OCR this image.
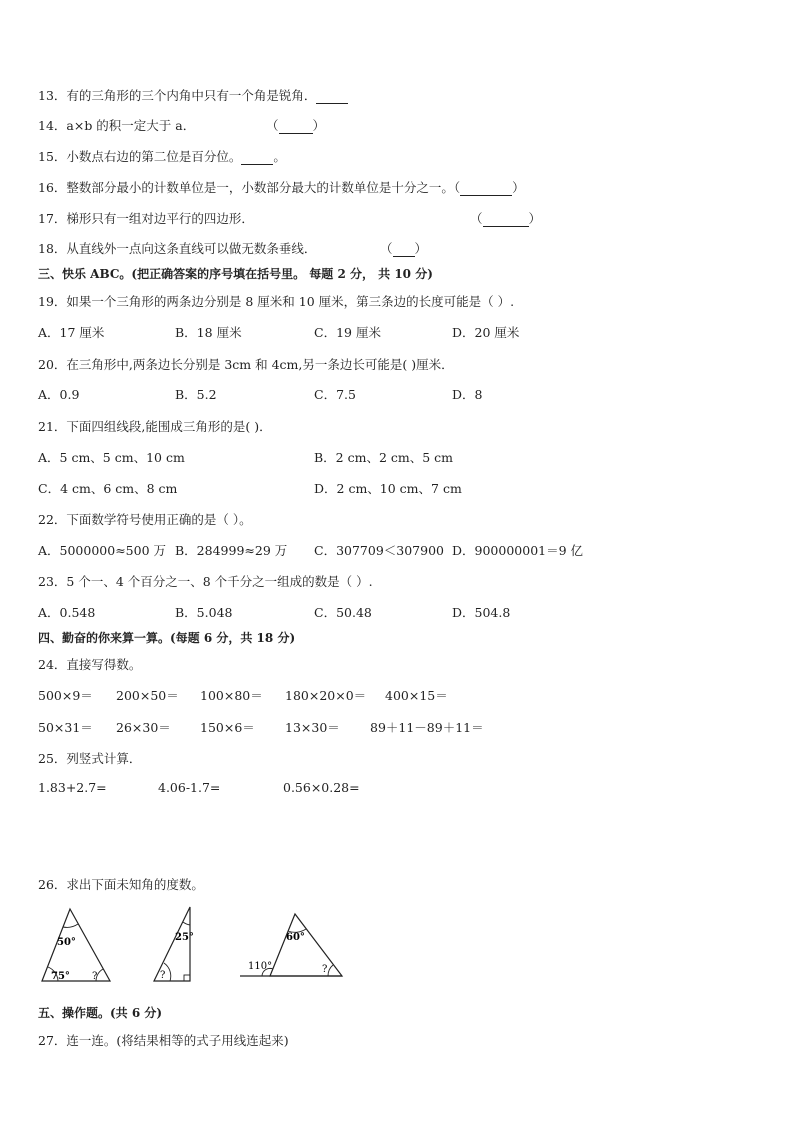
13．有的三角形的三个内角中只有一个角是锐角．
14．a×b 的积一定大于 a．	（	）
15．小数点右边的第二位是百分位。	。
16．整数部分最小的计数单位是一，小数部分最大的计数单位是十分之一。（	）
17．梯形只有一组对边平行的四边形．	（	）
18．从直线外一点向这条直线可以做无数条垂线．	（ ）
三、快乐 ABC。(把正确答案的序号填在括号里。 每题 2 分， 共 10 分)
19．如果一个三角形的两条边分别是 8 厘米和 10 厘米，第三条边的长度可能是（ ）.
A．17 厘米	B．18 厘米	C．19 厘米	D．20 厘米
20．在三角形中,两条边长分别是 3cm 和 4cm,另一条边长可能是( )厘米．
A．0.9	B．5.2	C．7.5	D．8
21．下面四组线段,能围成三角形的是( )．
A．5 cm、5 cm、10 cm	B．2 cm、2 cm、5 cm
C．4 cm、6 cm、8 cm	D．2 cm、10 cm、7 cm
22．下面数学符号使用正确的是（ ）。
A．5000000≈500 万 B．284999≈29 万 C．307709＜307900 D．900000001＝9 亿
23．5 个一、4 个百分之一、8 个千分之一组成的数是（ ）.
A．0.548	B．5.048	C．50.48	D．504.8
四、勤奋的你来算一算。(每题 6 分，共 18 分)
24．直接写得数。
500×9＝ 200×50＝ 100×80＝ 180×20×0＝ 400×15＝
50×31＝ 26×30＝ 150×6＝ 13×30＝ 89＋11－89＋11＝
25．列竖式计算．
1.83+2.7=	4.06-1.7=	0.56×0.28=
26．求出下面未知角的度数。
50°
75° ?
25°
?
60°
110°	?
五、操作题。(共 6 分)
27．连一连。(将结果相等的式子用线连起来)
